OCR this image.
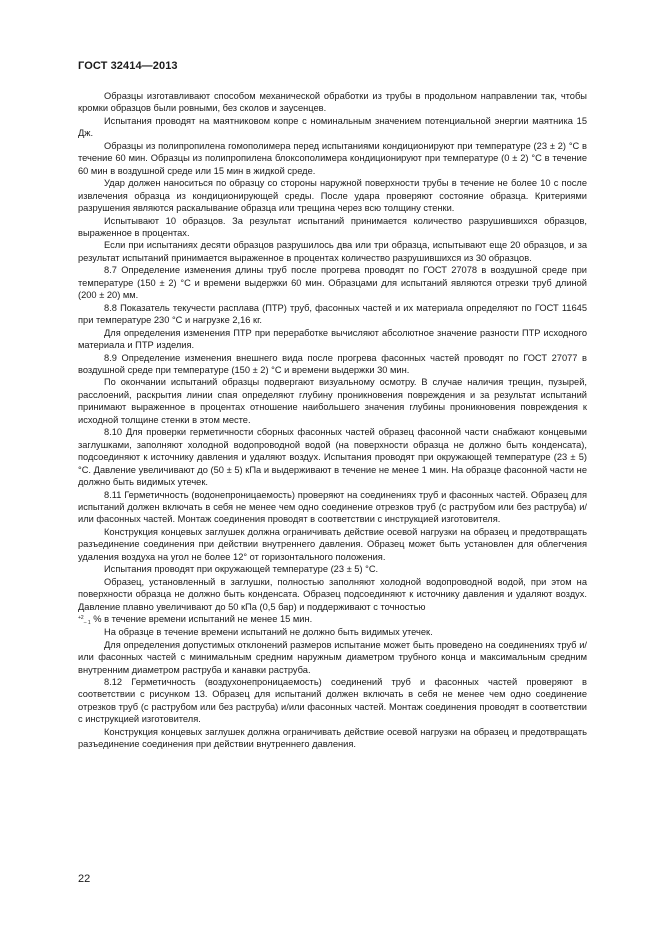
ГОСТ 32414—2013

Образцы изготавливают способом механической обработки из трубы в продольном направлении так, чтобы кромки образцов были ровными, без сколов и заусенцев.

Испытания проводят на маятниковом копре с номинальным значением потенциальной энергии маятника 15 Дж.

Образцы из полипропилена гомополимера перед испытаниями кондиционируют при температуре (23 ± 2) °С в течение 60 мин. Образцы из полипропилена блоксополимера кондиционируют при температуре (0 ± 2) °С в течение 60 мин в воздушной среде или 15 мин в жидкой среде.

Удар должен наноситься по образцу со стороны наружной поверхности трубы в течение не более 10 с после извлечения образца из кондиционирующей среды. После удара проверяют состояние образца. Критериями разрушения являются раскалывание образца или трещина через всю толщину стенки.

Испытывают 10 образцов. За результат испытаний принимается количество разрушившихся образцов, выраженное в процентах.

Если при испытаниях десяти образцов разрушилось два или три образца, испытывают еще 20 образцов, и за результат испытаний принимается выраженное в процентах количество разрушившихся из 30 образцов.

8.7 Определение изменения длины труб после прогрева проводят по ГОСТ 27078 в воздушной среде при температуре (150 ± 2) °С и времени выдержки 60 мин. Образцами для испытаний являются отрезки труб длиной (200 ± 20) мм.

8.8 Показатель текучести расплава (ПТР) труб, фасонных частей и их материала определяют по ГОСТ 11645 при температуре 230 °С и нагрузке 2,16 кг.

Для определения изменения ПТР при переработке вычисляют абсолютное значение разности ПТР исходного материала и ПТР изделия.

8.9 Определение изменения внешнего вида после прогрева фасонных частей проводят по ГОСТ 27077 в воздушной среде при температуре (150 ± 2) °С и времени выдержки 30 мин.

По окончании испытаний образцы подвергают визуальному осмотру. В случае наличия трещин, пузырей, расслоений, раскрытия линии спая определяют глубину проникновения повреждения и за результат испытаний принимают выраженное в процентах отношение наибольшего значения глубины проникновения повреждения к исходной толщине стенки в этом месте.

8.10 Для проверки герметичности сборных фасонных частей образец фасонной части снабжают концевыми заглушками, заполняют холодной водопроводной водой (на поверхности образца не должно быть конденсата), подсоединяют к источнику давления и удаляют воздух. Испытания проводят при окружающей температуре (23 ± 5) °С. Давление увеличивают до (50 ± 5) кПа и выдерживают в течение не менее 1 мин. На образце фасонной части не должно быть видимых утечек.

8.11 Герметичность (водонепроницаемость) проверяют на соединениях труб и фасонных частей. Образец для испытаний должен включать в себя не менее чем одно соединение отрезков труб (с раструбом или без раструба) и/или фасонных частей. Монтаж соединения проводят в соответствии с инструкцией изготовителя.

Конструкция концевых заглушек должна ограничивать действие осевой нагрузки на образец и предотвращать разъединение соединения при действии внутреннего давления. Образец может быть установлен для облегчения удаления воздуха на угол не более 12° от горизонтального положения.

Испытания проводят при окружающей температуре (23 ± 5) °С.

Образец, установленный в заглушки, полностью заполняют холодной водопроводной водой, при этом на поверхности образца не должно быть конденсата. Образец подсоединяют к источнику давления и удаляют воздух. Давление плавно увеличивают до 50 кПа (0,5 бар) и поддерживают с точностью

$^{+2}_{- 1}$ % в течение времени испытаний не менее 15 мин.

На образце в течение времени испытаний не должно быть видимых утечек.

Для определения допустимых отклонений размеров испытание может быть проведено на соединениях труб и/или фасонных частей с минимальным средним наружным диаметром трубного конца и максимальным средним внутренним диаметром раструба и канавки раструба.

8.12 Герметичность (воздухонепроницаемость) соединений труб и фасонных частей проверяют в соответствии с рисунком 13. Образец для испытаний должен включать в себя не менее чем одно соединение отрезков труб (с раструбом или без раструба) и/или фасонных частей. Монтаж соединения проводят в соответствии с инструкцией изготовителя.

Конструкция концевых заглушек должна ограничивать действие осевой нагрузки на образец и предотвращать разъединение соединения при действии внутреннего давления.

22
